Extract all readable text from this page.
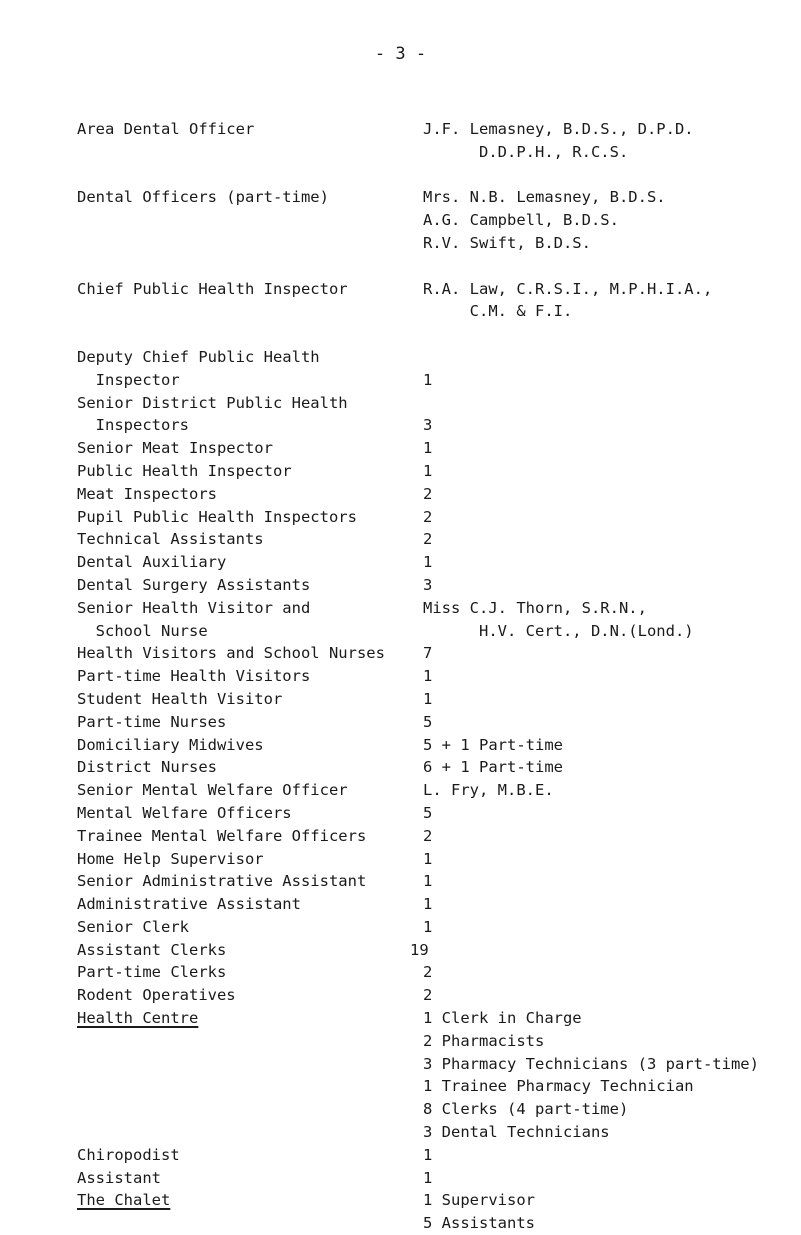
- 3 -
Area Dental Officer	J.F. Lemasney, B.D.S., D.P.D.
D.D.P.H., R.C.S.
Dental Officers (part-time)	Mrs. N.B. Lemasney, B.D.S.
A.G. Campbell, B.D.S.
R.V. Swift, B.D.S.
Chief Public Health Inspector	R.A. Law, C.R.S.I., M.P.H.I.A.,
C.M. & F.I.
Deputy Chief Public Health
Inspector	1
Senior District Public Health
Inspectors	3
Senior Meat Inspector	1
Public Health Inspector	1
Meat Inspectors	2
Pupil Public Health Inspectors	2
Technical Assistants	2
Dental Auxiliary	1
Dental Surgery Assistants	3
Senior Health Visitor and	Miss C.J. Thorn, S.R.N.,
School Nurse	H.V. Cert., D.N.(Lond.)
Health Visitors and School Nurses 7
Part-time Health Visitors	1
Student Health Visitor	1
Part-time Nurses	5
Domiciliary Midwives	5 + 1 Part-time
District Nurses	6 + 1 Part-time
Senior Mental Welfare Officer	L. Fry, M.B.E.
Mental Welfare Officers	5
Trainee Mental Welfare Officers	2
Home Help Supervisor	1
Senior Administrative Assistant	1
Administrative Assistant	1
Senior Clerk	1
Assistant Clerks	19
Part-time Clerks	2
Rodent Operatives	2
Health Centre	1 Clerk in Charge
2 Pharmacists
3 Pharmacy Technicians (3 part-time)
1 Trainee Pharmacy Technician
8 Clerks (4 part-time)
3 Dental Technicians
Chiropodist	1
Assistant	1
The Chalet	1 Supervisor
5 Assistants
